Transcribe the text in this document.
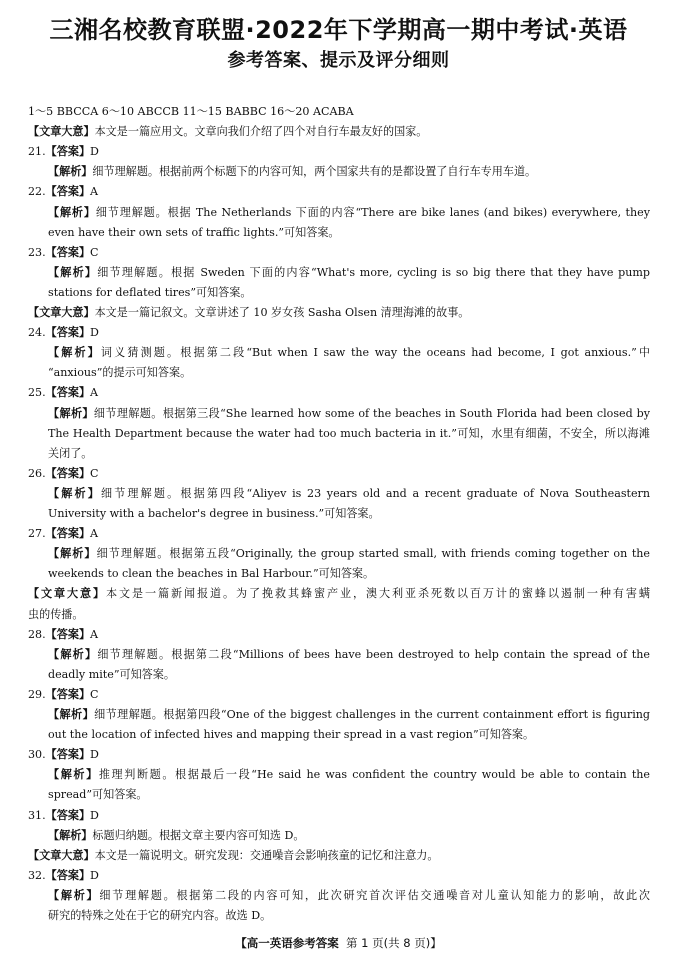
三湘名校教育联盟·2022年下学期高一期中考试·英语
参考答案、提示及评分细则
1～5 BBCCA 6～10 ABCCB 11～15 BABBC 16～20 ACABA
【文章大意】本文是一篇应用文。文章向我们介绍了四个对自行车最友好的国家。
21.【答案】D
【解析】细节理解题。根据前两个标题下的内容可知，两个国家共有的是都设置了自行车专用车道。
22.【答案】A
【解析】细节理解题。根据 The Netherlands 下面的内容“There are bike lanes (and bikes) everywhere, they
even have their own sets of traffic lights.”可知答案。
23.【答案】C
【解析】细节理解题。根据 Sweden 下面的内容“What's more, cycling is so big there that they have pump
stations for deflated tires”可知答案。
【文章大意】本文是一篇记叙文。文章讲述了 10 岁女孩 Sasha Olsen 清理海滩的故事。
24.【答案】D
【解析】词义猜测题。根据第二段“But when I saw the way the oceans had become, I got anxious.”中
“anxious”的提示可知答案。
25.【答案】A
【解析】细节理解题。根据第三段“She learned how some of the beaches in South Florida had been closed by
The Health Department because the water had too much bacteria in it.”可知，水里有细菌，不安全，所以海滩
关闭了。
26.【答案】C
【解析】细节理解题。根据第四段“Aliyev is 23 years old and a recent graduate of Nova Southeastern
University with a bachelor's degree in business.”可知答案。
27.【答案】A
【解析】细节理解题。根据第五段“Originally, the group started small, with friends coming together on the
weekends to clean the beaches in Bal Harbour.”可知答案。
【文章大意】本文是一篇新闻报道。为了挽救其蜂蜜产业，澳大利亚杀死数以百万计的蜜蜂以遏制一种有害螨
虫的传播。
28.【答案】A
【解析】细节理解题。根据第二段“Millions of bees have been destroyed to help contain the spread of the
deadly mite”可知答案。
29.【答案】C
【解析】细节理解题。根据第四段“One of the biggest challenges in the current containment effort is figuring
out the location of infected hives and mapping their spread in a vast region”可知答案。
30.【答案】D
【解析】推理判断题。根据最后一段“He said he was confident the country would be able to contain the
spread”可知答案。
31.【答案】D
【解析】标题归纳题。根据文章主要内容可知选 D。
【文章大意】本文是一篇说明文。研究发现：交通噪音会影响孩童的记忆和注意力。
32.【答案】D
【解析】细节理解题。根据第二段的内容可知，此次研究首次评估交通噪音对儿童认知能力的影响，故此次
研究的特殊之处在于它的研究内容。故选 D。
【高一英语参考答案 第 1 页(共 8 页)】
